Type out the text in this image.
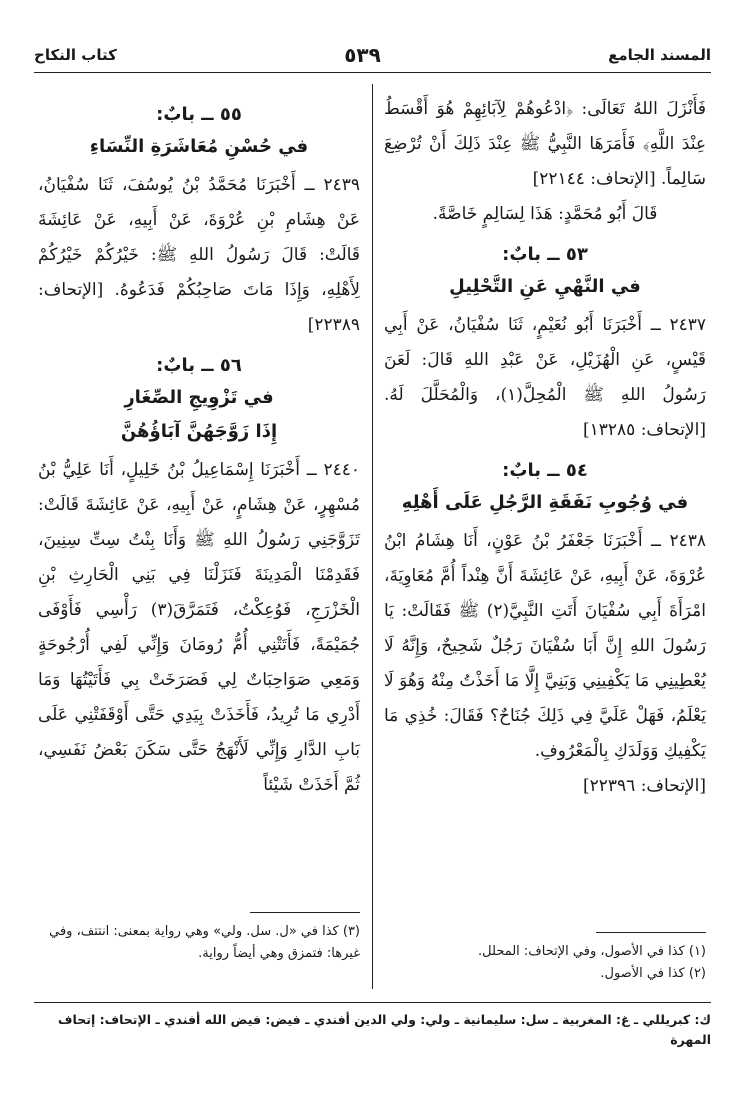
المسند الجامع
٥٣٩
كتاب النكاح

فَأَنْزَلَ اللهُ تَعَالَى: ﴿ادْعُوهُمْ لِآبَائِهِمْ هُوَ أَقْسَطُ عِنْدَ اللَّهِ﴾ فَأَمَرَهَا النَّبِيُّ ﷺ عِنْدَ ذَلِكَ أَنْ تُرْضِعَ سَالِماً. [الإتحاف: ٢٢١٤٤]

قَالَ أَبُو مُحَمَّدٍ: هَذَا لِسَالِمٍ خَاصَّةً.

٥٣ ــ بابٌ:
في النَّهْيِ عَنِ التَّحْلِيلِ

٢٤٣٧ ــ أَخْبَرَنَا أَبُو نُعَيْمٍ، ثَنَا سُفْيَانُ، عَنْ أَبِي قَيْسٍ، عَنِ الْهُزَيْلِ، عَنْ عَبْدِ اللهِ قَالَ: لَعَنَ رَسُولُ اللهِ ﷺ الْمُحِلَّ(١)، وَالْمُحَلَّلَ لَهُ. [الإتحاف: ١٣٢٨٥]

٥٤ ــ بابٌ:
في وُجُوبِ نَفَقَةِ الرَّجُلِ عَلَى أَهْلِهِ

٢٤٣٨ ــ أَخْبَرَنَا جَعْفَرُ بْنُ عَوْنٍ، أَنَا هِشَامُ ابْنُ عُرْوَةَ، عَنْ أَبِيهِ، عَنْ عَائِشَةَ أَنَّ هِنْداً أُمَّ مُعَاوِيَةَ، امْرَأَةَ أَبِي سُفْيَانَ أَتَتِ النَّبِيَّ(٢) ﷺ فَقَالَتْ: يَا رَسُولَ اللهِ إِنَّ أَبَا سُفْيَانَ رَجُلٌ شَحِيحٌ، وَإِنَّهُ لَا يُعْطِينِي مَا يَكْفِينِي وَبَنِيَّ إِلَّا مَا أَخَذْتُ مِنْهُ وَهُوَ لَا يَعْلَمُ، فَهَلْ عَلَيَّ فِي ذَلِكَ جُنَاحٌ؟ فَقَالَ: خُذِي مَا يَكْفِيكِ وَوَلَدَكِ بِالْمَعْرُوفِ.

[الإتحاف: ٢٢٣٩٦]

(١) كذا في الأصول، وفي الإتحاف: المحلل.

(٢) كذا في الأصول.

٥٥ ــ بابٌ:
في حُسْنِ مُعَاشَرَةِ النِّسَاءِ

٢٤٣٩ ــ أَخْبَرَنَا مُحَمَّدُ بْنُ يُوسُفَ، ثَنَا سُفْيَانُ، عَنْ هِشَامِ بْنِ عُرْوَةَ، عَنْ أَبِيهِ، عَنْ عَائِشَةَ قَالَتْ: قَالَ رَسُولُ اللهِ ﷺ: خَيْرُكُمْ خَيْرُكُمْ لِأَهْلِهِ، وَإِذَا مَاتَ صَاحِبُكُمْ فَدَعُوهُ. [الإتحاف: ٢٢٣٨٩]

٥٦ ــ بابٌ:
في تَزْوِيجِ الصِّغَارِ
إِذَا زَوَّجَهُنَّ آبَاؤُهُنَّ

٢٤٤٠ ــ أَخْبَرَنَا إِسْمَاعِيلُ بْنُ خَلِيلٍ، أَنَا عَلِيُّ بْنُ مُسْهِرٍ، عَنْ هِشَامٍ، عَنْ أَبِيهِ، عَنْ عَائِشَةَ قَالَتْ: تَزَوَّجَنِي رَسُولُ اللهِ ﷺ وَأَنَا بِنْتُ سِتِّ سِنِينَ، فَقَدِمْنَا الْمَدِينَةَ فَنَزَلْنَا فِي بَنِي الْحَارِثِ بْنِ الْخَزْرَجِ، فَوُعِكْتُ، فَتَمَرَّقَ(٣) رَأْسِي فَأَوْفَى جُمَيْمَةً، فَأَتَتْنِي أُمُّ رُومَانَ وَإِنِّي لَفِي أُرْجُوحَةٍ وَمَعِي صَوَاحِبَاتٌ لِي فَصَرَخَتْ بِي فَأَتَيْتُهَا وَمَا أَدْرِي مَا تُرِيدُ، فَأَخَذَتْ بِيَدِي حَتَّى أَوْقَفَتْنِي عَلَى بَابِ الدَّارِ وَإِنِّي لَأَنْهَجُ حَتَّى سَكَنَ بَعْضُ نَفَسِي، ثُمَّ أَخَذَتْ شَيْئاً

(٣) كذا في «ل. سل. ولي» وهي رواية بمعنى: انتتف، وفي غيرها: فتمزق وهي أيضاً رواية.

ك: كبريللي ـ غ: المغربية ـ سل: سليمانية ـ ولي: ولي الدين أفندي ـ فيض: فيض الله أفندي ـ الإتحاف: إتحاف المهرة
